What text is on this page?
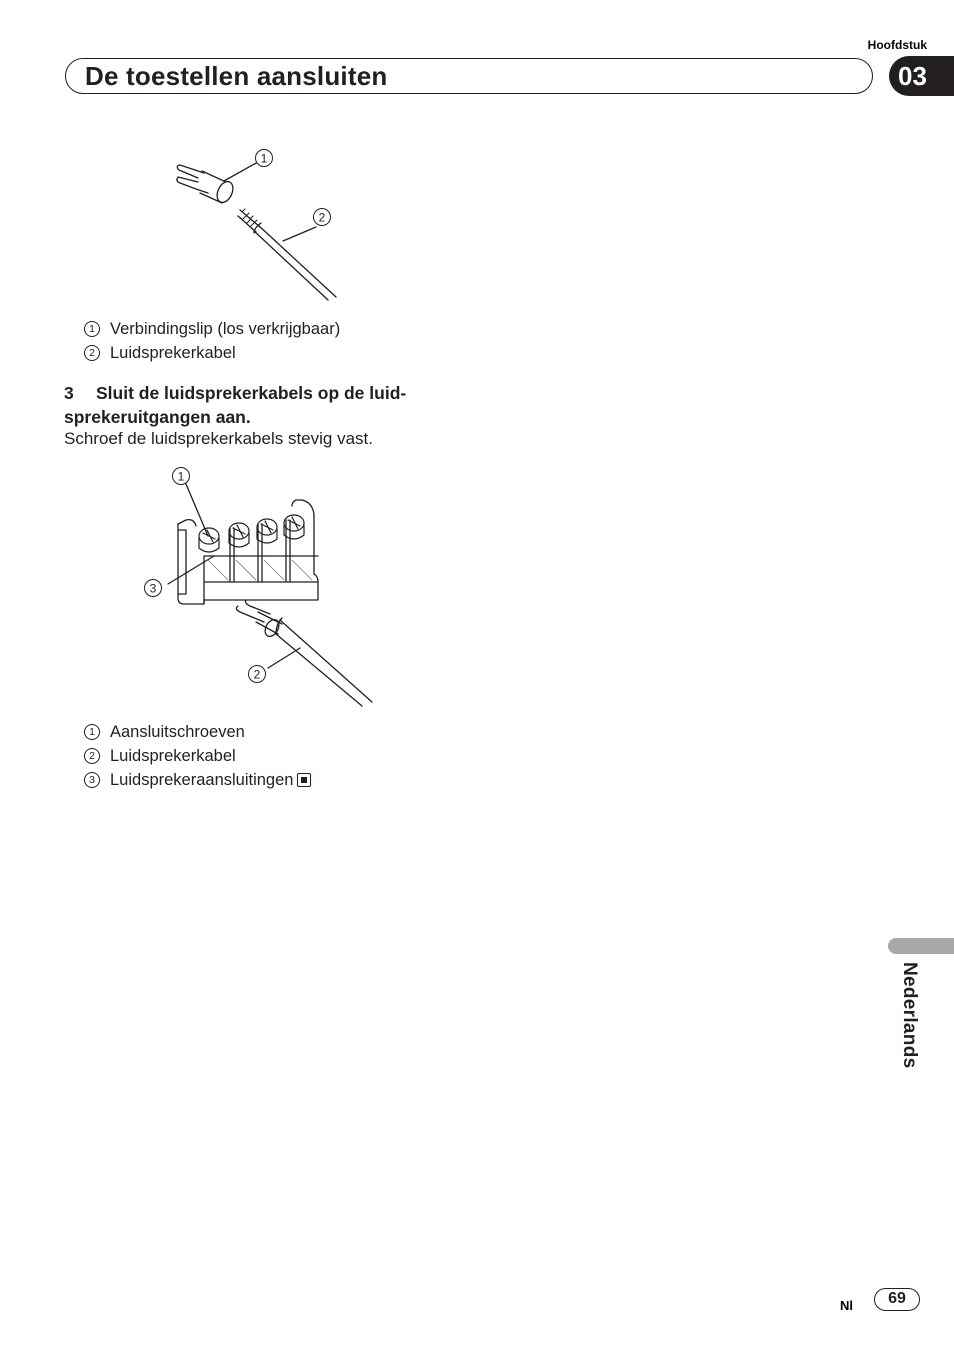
Hoofdstuk
De toestellen aansluiten	03
1
2
1 Verbindingslip (los verkrijgbaar)
2 Luidsprekerkabel
3 Sluit de luidsprekerkabels op de luid-
sprekeruitgangen aan.
Schroef de luidsprekerkabels stevig vast.
1
3
2
1 Aansluitschroeven
2 Luidsprekerkabel
3 Luidsprekeraansluitingen
Nederlands
Nl	69
